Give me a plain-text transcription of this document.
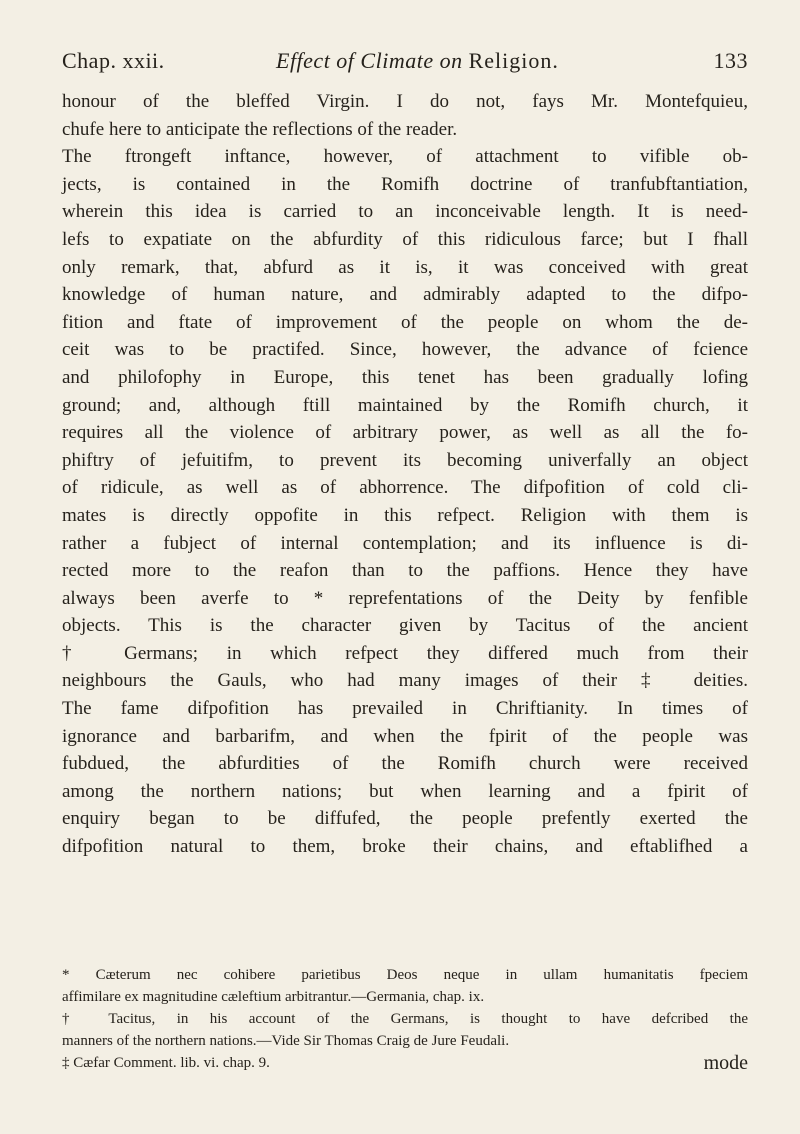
Chap. xxii.	Effect of Climate on Religion.	133
honour of the bleffed Virgin. I do not, fays Mr. Montefquieu,
chufe here to anticipate the reflections of the reader.
The ftrongeft inftance, however, of attachment to vifible ob-
jects, is contained in the Romifh doctrine of tranfubftantiation,
wherein this idea is carried to an inconceivable length. It is need-
lefs to expatiate on the abfurdity of this ridiculous farce; but I fhall
only remark, that, abfurd as it is, it was conceived with great
knowledge of human nature, and admirably adapted to the difpo-
fition and ftate of improvement of the people on whom the de-
ceit was to be practifed. Since, however, the advance of fcience
and philofophy in Europe, this tenet has been gradually lofing
ground; and, although ftill maintained by the Romifh church, it
requires all the violence of arbitrary power, as well as all the fo-
phiftry of jefuitifm, to prevent its becoming univerfally an object
of ridicule, as well as of abhorrence. The difpofition of cold cli-
mates is directly oppofite in this refpect. Religion with them is
rather a fubject of internal contemplation; and its influence is di-
rected more to the reafon than to the paffions. Hence they have
always been averfe to * reprefentations of the Deity by fenfible
objects. This is the character given by Tacitus of the ancient
† Germans; in which refpect they differed much from their
neighbours the Gauls, who had many images of their ‡ deities.
The fame difpofition has prevailed in Chriftianity. In times of
ignorance and barbarifm, and when the fpirit of the people was
fubdued, the abfurdities of the Romifh church were received
among the northern nations; but when learning and a fpirit of
enquiry began to be diffufed, the people prefently exerted the
difpofition natural to them, broke their chains, and eftablifhed a
* Cæterum nec cohibere parietibus Deos neque in ullam humanitatis fpeciem
affimilare ex magnitudine cæleftium arbitrantur.—Germania, chap. ix.
† Tacitus, in his account of the Germans, is thought to have defcribed the
manners of the northern nations.—Vide Sir Thomas Craig de Jure Feudali.
‡ Cæfar Comment. lib. vi. chap. 9.	mode
